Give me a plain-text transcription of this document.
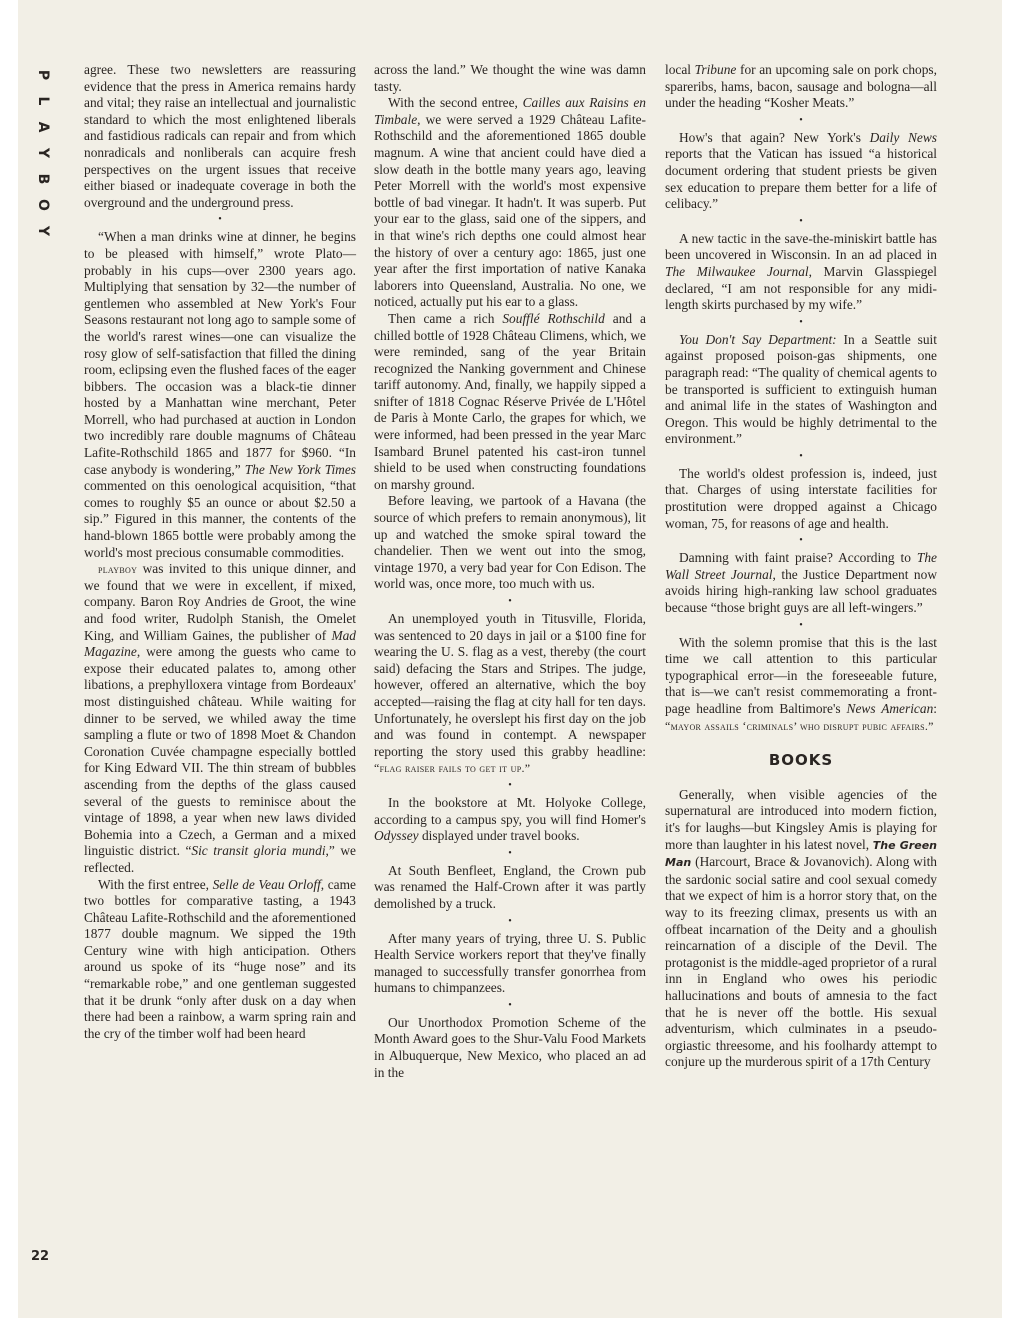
P
L
A
Y
B
O
Y
22

agree. These two newsletters are reassuring evidence that the press in America remains hardy and vital; they raise an intellectual and journalistic standard to which the most enlightened liberals and fastidious radicals can repair and from which nonradicals and nonliberals can acquire fresh perspectives on the urgent issues that receive either biased or inadequate coverage in both the overground and the underground press.

•

“When a man drinks wine at dinner, he begins to be pleased with himself,” wrote Plato—probably in his cups—over 2300 years ago. Multiplying that sensation by 32—the number of gentlemen who assembled at New York's Four Seasons restaurant not long ago to sample some of the world's rarest wines—one can visualize the rosy glow of self-satisfaction that filled the dining room, eclipsing even the flushed faces of the eager bibbers. The occasion was a black-tie dinner hosted by a Manhattan wine merchant, Peter Morrell, who had purchased at auction in London two incredibly rare double magnums of Château Lafite-Rothschild 1865 and 1877 for $960. “In case anybody is wondering,” The New York Times commented on this oenological acquisition, “that comes to roughly $5 an ounce or about $2.50 a sip.” Figured in this manner, the contents of the hand-blown 1865 bottle were probably among the world's most precious consumable commodities.

playboy was invited to this unique dinner, and we found that we were in excellent, if mixed, company. Baron Roy Andries de Groot, the wine and food writer, Rudolph Stanish, the Omelet King, and William Gaines, the publisher of Mad Magazine, were among the guests who came to expose their educated palates to, among other libations, a prephylloxera vintage from Bordeaux' most distinguished château. While waiting for dinner to be served, we whiled away the time sampling a flute or two of 1898 Moet & Chandon Coronation Cuvée champagne especially bottled for King Edward VII. The thin stream of bubbles ascending from the depths of the glass caused several of the guests to reminisce about the vintage of 1898, a year when new laws divided Bohemia into a Czech, a German and a mixed linguistic district. “Sic transit gloria mundi,” we reflected.

With the first entree, Selle de Veau Orloff, came two bottles for comparative tasting, a 1943 Château Lafite-Rothschild and the aforementioned 1877 double magnum. We sipped the 19th Century wine with high anticipation. Others around us spoke of its “huge nose” and its “remarkable robe,” and one gentleman suggested that it be drunk “only after dusk on a day when there had been a rainbow, a warm spring rain and the cry of the timber wolf had been heard

across the land.” We thought the wine was damn tasty.

With the second entree, Cailles aux Raisins en Timbale, we were served a 1929 Château Lafite-Rothschild and the aforementioned 1865 double magnum. A wine that ancient could have died a slow death in the bottle many years ago, leaving Peter Morrell with the world's most expensive bottle of bad vinegar. It hadn't. It was superb. Put your ear to the glass, said one of the sippers, and in that wine's rich depths one could almost hear the history of over a century ago: 1865, just one year after the first importation of native Kanaka laborers into Queensland, Australia. No one, we noticed, actually put his ear to a glass.

Then came a rich Soufflé Rothschild and a chilled bottle of 1928 Château Climens, which, we were reminded, sang of the year Britain recognized the Nanking government and Chinese tariff autonomy. And, finally, we happily sipped a snifter of 1818 Cognac Réserve Privée de L'Hôtel de Paris à Monte Carlo, the grapes for which, we were informed, had been pressed in the year Marc Isambard Brunel patented his cast-iron tunnel shield to be used when constructing foundations on marshy ground.

Before leaving, we partook of a Havana (the source of which prefers to remain anonymous), lit up and watched the smoke spiral toward the chandelier. Then we went out into the smog, vintage 1970, a very bad year for Con Edison. The world was, once more, too much with us.

•

An unemployed youth in Titusville, Florida, was sentenced to 20 days in jail or a $100 fine for wearing the U. S. flag as a vest, thereby (the court said) defacing the Stars and Stripes. The judge, however, offered an alternative, which the boy accepted—raising the flag at city hall for ten days. Unfortunately, he overslept his first day on the job and was found in contempt. A newspaper reporting the story used this grabby headline: “flag raiser fails to get it up.”

•

In the bookstore at Mt. Holyoke College, according to a campus spy, you will find Homer's Odyssey displayed under travel books.

•

At South Benfleet, England, the Crown pub was renamed the Half-Crown after it was partly demolished by a truck.

•

After many years of trying, three U. S. Public Health Service workers report that they've finally managed to successfully transfer gonorrhea from humans to chimpanzees.

•

Our Unorthodox Promotion Scheme of the Month Award goes to the Shur-Valu Food Markets in Albuquerque, New Mexico, who placed an ad in the

local Tribune for an upcoming sale on pork chops, spareribs, hams, bacon, sausage and bologna—all under the heading “Kosher Meats.”

•

How's that again? New York's Daily News reports that the Vatican has issued “a historical document ordering that student priests be given sex education to prepare them better for a life of celibacy.”

•

A new tactic in the save-the-miniskirt battle has been uncovered in Wisconsin. In an ad placed in The Milwaukee Journal, Marvin Glasspiegel declared, “I am not responsible for any midi-length skirts purchased by my wife.”

•

You Don't Say Department: In a Seattle suit against proposed poison-gas shipments, one paragraph read: “The quality of chemical agents to be transported is sufficient to extinguish human and animal life in the states of Washington and Oregon. This would be highly detrimental to the environment.”

•

The world's oldest profession is, indeed, just that. Charges of using interstate facilities for prostitution were dropped against a Chicago woman, 75, for reasons of age and health.

•

Damning with faint praise? According to The Wall Street Journal, the Justice Department now avoids hiring high-ranking law school graduates because “those bright guys are all left-wingers.”

•

With the solemn promise that this is the last time we call attention to this particular typographical error—in the foreseeable future, that is—we can't resist commemorating a front-page headline from Baltimore's News American: “mayor assails ‘criminals’ who disrupt pubic affairs.”

BOOKS

Generally, when visible agencies of the supernatural are introduced into modern fiction, it's for laughs—but Kingsley Amis is playing for more than laughter in his latest novel, The Green Man (Harcourt, Brace & Jovanovich). Along with the sardonic social satire and cool sexual comedy that we expect of him is a horror story that, on the way to its freezing climax, presents us with an offbeat incarnation of the Deity and a ghoulish reincarnation of a disciple of the Devil. The protagonist is the middle-aged proprietor of a rural inn in England who owes his periodic hallucinations and bouts of amnesia to the fact that he is never off the bottle. His sexual adventurism, which culminates in a pseudo-orgiastic threesome, and his foolhardy attempt to conjure up the murderous spirit of a 17th Century
